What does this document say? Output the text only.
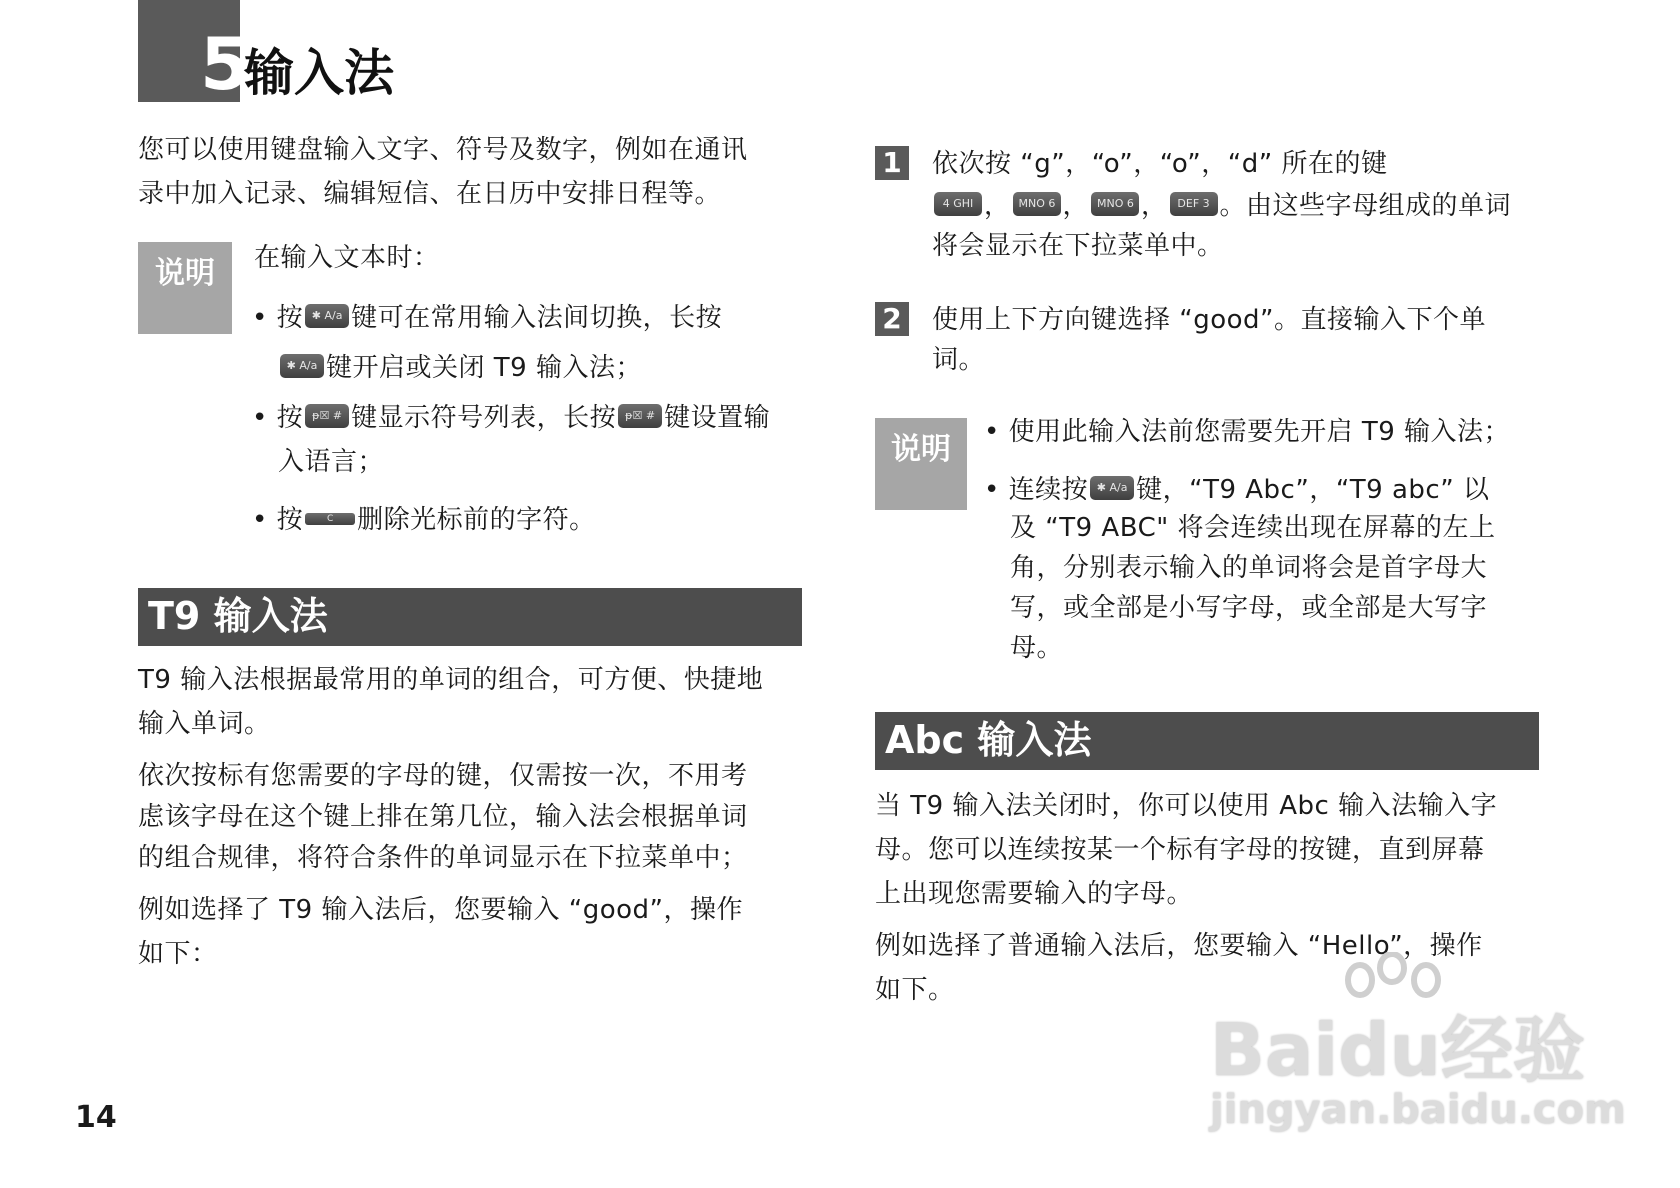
5
输入法
您可以使用键盘输入文字、符号及数字，例如在通讯
录中加入记录、编辑短信、在日历中安排日程等。
说明	在输入文本时：
• 按 ✱ A/a 键可在常用输入法间切换，长按
✱ A/a 键开启或关闭 T9 输入法；
• 按 ᵽ☒ # 键显示符号列表，长按 ᵽ☒ # 键设置输
入语言；
• 按	C 删除光标前的字符。
T9 输入法
T9 输入法根据最常用的单词的组合，可方便、快捷地
输入单词。
依次按标有您需要的字母的键，仅需按一次，不用考
虑该字母在这个键上排在第几位，输入法会根据单词
的组合规律，将符合条件的单词显示在下拉菜单中；
例如选择了 T9 输入法后，您要输入 “good”，操作
如下：
1 依次按 “g”，“o”，“o”，“d” 所在的键
4 GHI ， MNO 6 ， MNO 6 ， DEF 3 。由这些字母组成的单词
将会显示在下拉菜单中。
2 使用上下方向键选择 “good”。直接输入下个单
词。
说明	• 使用此输入法前您需要先开启 T9 输入法；
• 连续按 ✱ A/a 键，“T9 Abc”，“T9 abc” 以
及 “T9 ABC" 将会连续出现在屏幕的左上
角，分别表示输入的单词将会是首字母大
写，或全部是小写字母，或全部是大写字
母。
Abc 输入法
当 T9 输入法关闭时，你可以使用 Abc 输入法输入字
母。您可以连续按某一个标有字母的按键，直到屏幕
上出现您需要输入的字母。
例如选择了普通输入法后，您要输入 “Hello”，操作
如下。
14
Baidu经验
jingyan.baidu.com
